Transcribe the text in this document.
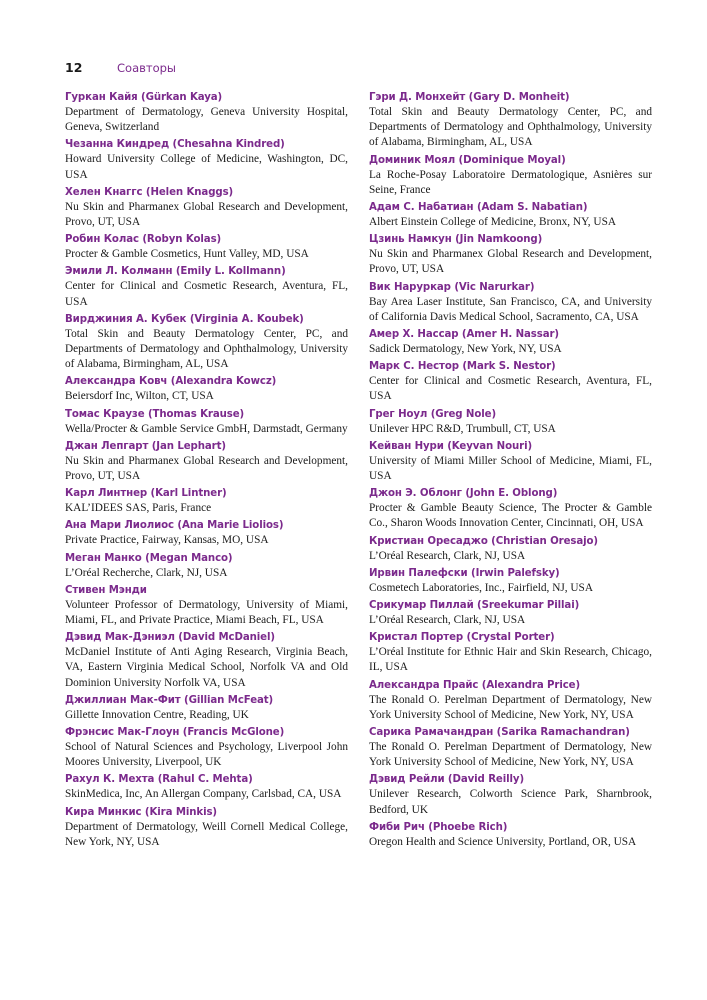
12	Соавторы
Гуркан Кайя (Gürkan Kaya)
Department of Dermatology, Geneva University Hospital, Geneva, Switzerland
Чезанна Киндред (Chesahna Kindred)
Howard University College of Medicine, Washington, DC, USA
Хелен Кнаггс (Helen Knaggs)
Nu Skin and Pharmanex Global Research and Development, Provo, UT, USA
Робин Колас (Robyn Kolas)
Procter & Gamble Cosmetics, Hunt Valley, MD, USA
Эмили Л. Колманн (Emily L. Kollmann)
Center for Clinical and Cosmetic Research, Aventura, FL, USA
Вирджиния А. Кубек (Virginia A. Koubek)
Total Skin and Beauty Dermatology Center, PC, and Departments of Dermatology and Ophthalmology, University of Alabama, Birmingham, AL, USA
Александра Ковч (Alexandra Kowcz)
Beiersdorf Inc, Wilton, CT, USA
Томас Краузе (Thomas Krause)
Wella/Procter & Gamble Service GmbH, Darmstadt, Germany
Джан Лепгарт (Jan Lephart)
Nu Skin and Pharmanex Global Research and Development, Provo, UT, USA
Карл Линтнер (Karl Lintner)
KAL’IDEES SAS, Paris, France
Ана Мари Лиолиос (Ana Marie Liolios)
Private Practice, Fairway, Kansas, MO, USA
Меган Манко (Megan Manco)
L’Oréal Recherche, Clark, NJ, USA
Стивен Мэнди
Volunteer Professor of Dermatology, University of Miami, Miami, FL, and Private Practice, Miami Beach, FL, USA
Дэвид Мак-Дэниэл (David McDaniel)
McDaniel Institute of Anti Aging Research, Virginia Beach, VA, Eastern Virginia Medical School, Norfolk VA and Old Dominion University Norfolk VA, USA
Джиллиан Мак-Фит (Gillian McFeat)
Gillette Innovation Centre, Reading, UK
Фрэнсис Мак-Глоун (Francis McGlone)
School of Natural Sciences and Psychology, Liverpool John Moores University, Liverpool, UK
Рахул К. Мехта (Rahul C. Mehta)
SkinMedica, Inc, An Allergan Company, Carlsbad, CA, USA
Кира Минкис (Kira Minkis)
Department of Dermatology, Weill Cornell Medical College, New York, NY, USA
Гэри Д. Монхейт (Gary D. Monheit)
Total Skin and Beauty Dermatology Center, PC, and Departments of Dermatology and Ophthalmology, University of Alabama, Birmingham, AL, USA
Доминик Моял (Dominique Moyal)
La Roche-Posay Laboratoire Dermatologique, Asnières sur Seine, France
Адам С. Набатиан (Adam S. Nabatian)
Albert Einstein College of Medicine, Bronx, NY, USA
Цзинь Намкун (Jin Namkoong)
Nu Skin and Pharmanex Global Research and Development, Provo, UT, USA
Вик Наруркар (Vic Narurkar)
Bay Area Laser Institute, San Francisco, CA, and University of California Davis Medical School, Sacramento, CA, USA
Амер Х. Нассар (Amer H. Nassar)
Sadick Dermatology, New York, NY, USA
Марк С. Нестор (Mark S. Nestor)
Center for Clinical and Cosmetic Research, Aventura, FL, USA
Грег Ноул (Greg Nole)
Unilever HPC R&D, Trumbull, CT, USA
Кейван Нури (Keyvan Nouri)
University of Miami Miller School of Medicine, Miami, FL, USA
Джон Э. Облонг (John E. Oblong)
Procter & Gamble Beauty Science, The Procter & Gamble Co., Sharon Woods Innovation Center, Cincinnati, OH, USA
Кристиан Оресаджо (Christian Oresajo)
L’Oréal Research, Clark, NJ, USA
Ирвин Палефски (Irwin Palefsky)
Cosmetech Laboratories, Inc., Fairfield, NJ, USA
Срикумар Пиллай (Sreekumar Pillai)
L’Oréal Research, Clark, NJ, USA
Кристал Портер (Crystal Porter)
L’Oréal Institute for Ethnic Hair and Skin Research, Chicago, IL, USA
Александра Прайс (Alexandra Price)
The Ronald O. Perelman Department of Dermatology, New York University School of Medicine, New York, NY, USA
Сарика Рамачандран (Sarika Ramachandran)
The Ronald O. Perelman Department of Dermatology, New York University School of Medicine, New York, NY, USA
Дэвид Рейли (David Reilly)
Unilever Research, Colworth Science Park, Sharnbrook, Bedford, UK
Фиби Рич (Phoebe Rich)
Oregon Health and Science University, Portland, OR, USA
